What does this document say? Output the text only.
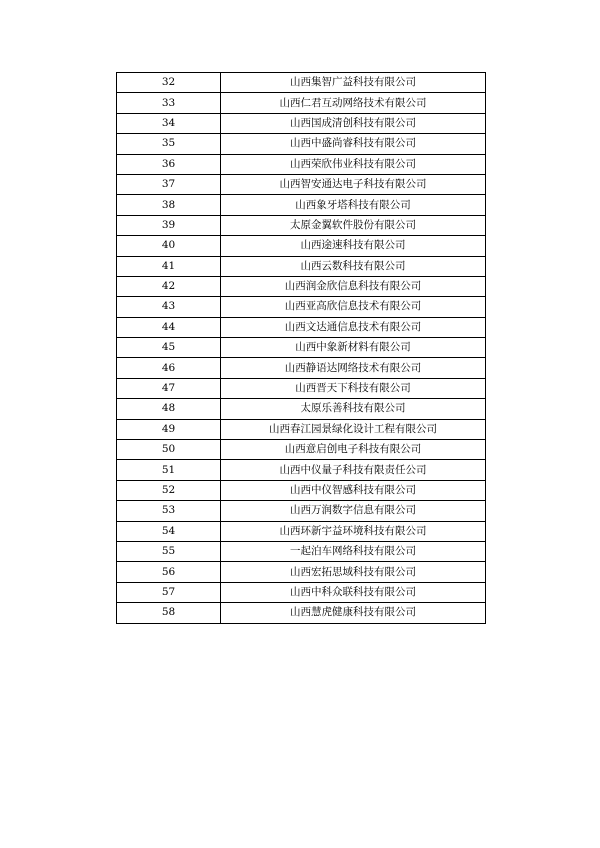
32	山西集智广益科技有限公司
33	山西仁君互动网络技术有限公司
34	山西国成清创科技有限公司
35	山西中盛尚睿科技有限公司
36	山西荣欣伟业科技有限公司
37	山西智安通达电子科技有限公司
38	山西象牙塔科技有限公司
39	太原金翼软件股份有限公司
40	山西途速科技有限公司
41	山西云数科技有限公司
42	山西润金欣信息科技有限公司
43	山西亚高欣信息技术有限公司
44	山西文达通信息技术有限公司
45	山西中象新材料有限公司
46	山西静语达网络技术有限公司
47	山西晋天下科技有限公司
48	太原乐善科技有限公司
49	山西春江园景绿化设计工程有限公司
50	山西意启创电子科技有限公司
51	山西中仪量子科技有限责任公司
52	山西中仪智感科技有限公司
53	山西万润数字信息有限公司
54	山西环新宇益环境科技有限公司
55	一起泊车网络科技有限公司
56	山西宏拓思域科技有限公司
57	山西中科众联科技有限公司
58	山西慧虎健康科技有限公司
